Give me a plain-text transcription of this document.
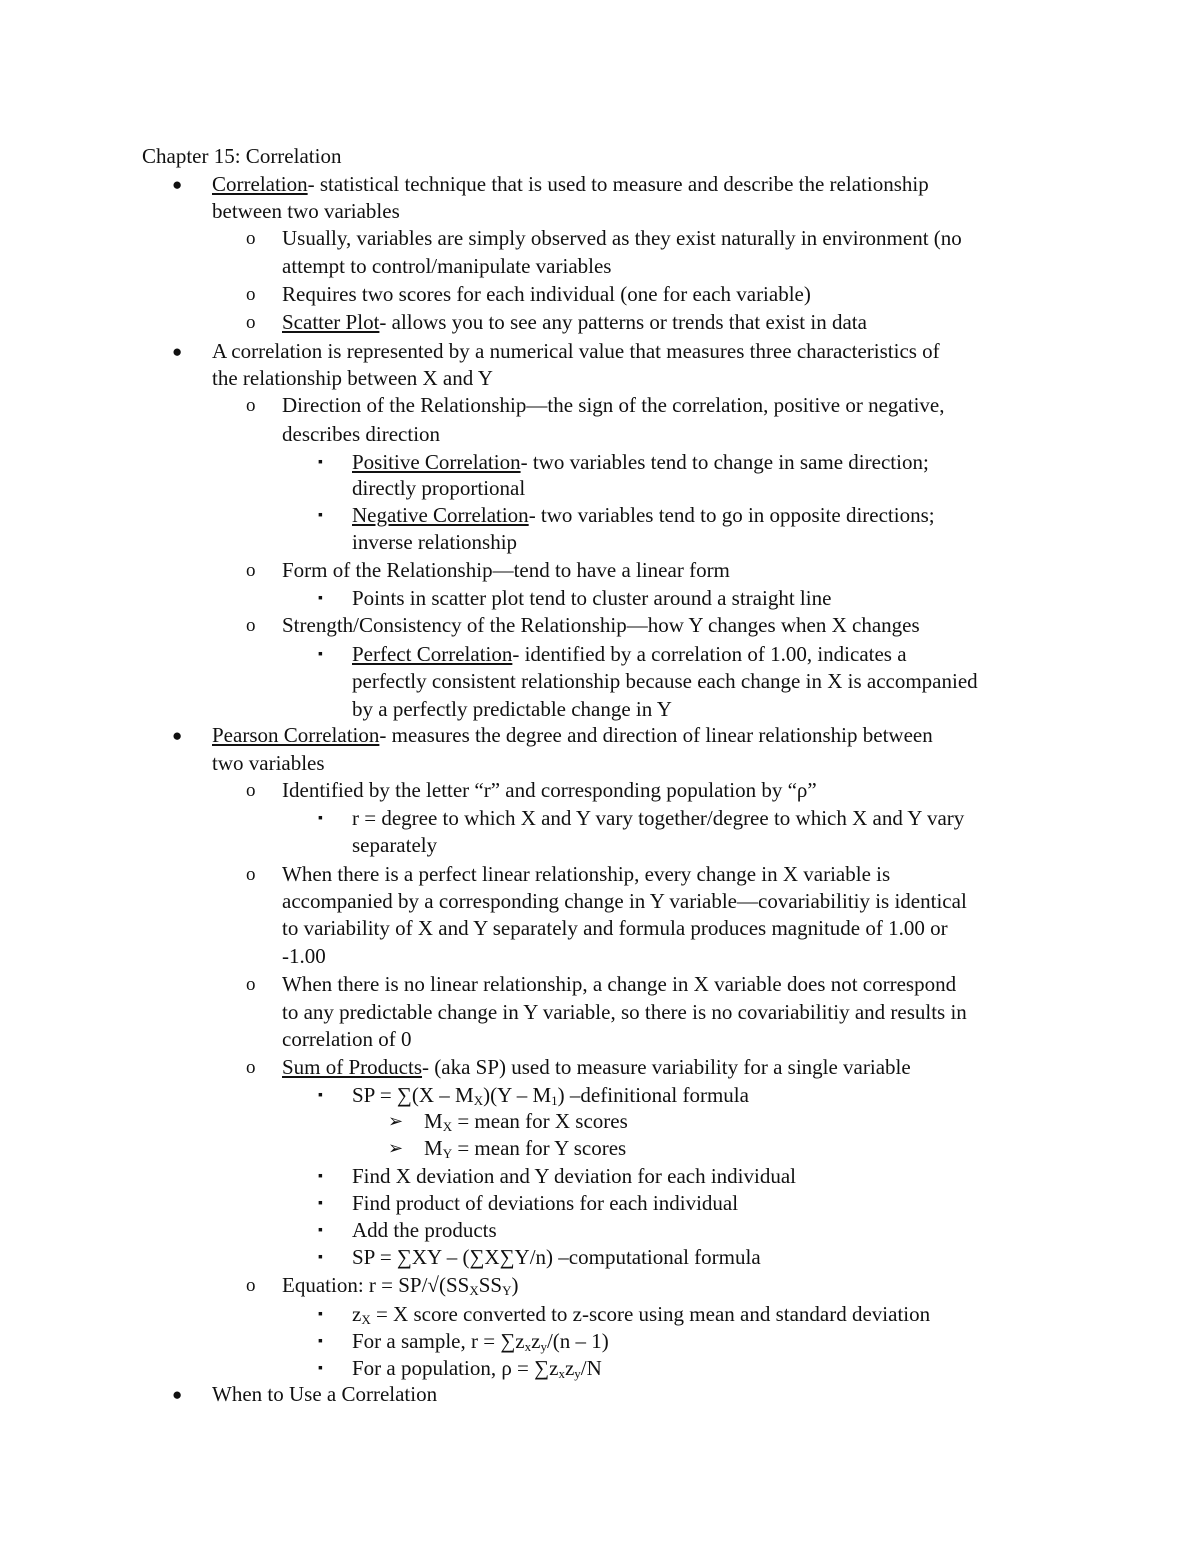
Chapter 15: Correlation
● Correlation- statistical technique that is used to measure and describe the relationship
between two variables
o Usually, variables are simply observed as they exist naturally in environment (no
attempt to control/manipulate variables
o Requires two scores for each individual (one for each variable)
o Scatter Plot- allows you to see any patterns or trends that exist in data
● A correlation is represented by a numerical value that measures three characteristics of
the relationship between X and Y
o Direction of the Relationship—the sign of the correlation, positive or negative,
describes direction
▪ Positive Correlation- two variables tend to change in same direction;
directly proportional
▪ Negative Correlation- two variables tend to go in opposite directions;
inverse relationship
o Form of the Relationship—tend to have a linear form
▪ Points in scatter plot tend to cluster around a straight line
o Strength/Consistency of the Relationship—how Y changes when X changes
▪ Perfect Correlation- identified by a correlation of 1.00, indicates a
perfectly consistent relationship because each change in X is accompanied
by a perfectly predictable change in Y
● Pearson Correlation- measures the degree and direction of linear relationship between
two variables
o Identified by the letter “r” and corresponding population by “ρ”
▪ r = degree to which X and Y vary together/degree to which X and Y vary
separately
o When there is a perfect linear relationship, every change in X variable is
accompanied by a corresponding change in Y variable—covariabilitiy is identical
to variability of X and Y separately and formula produces magnitude of 1.00 or
-1.00
o When there is no linear relationship, a change in X variable does not correspond
to any predictable change in Y variable, so there is no covariabilitiy and results in
correlation of 0
o Sum of Products- (aka SP) used to measure variability for a single variable
▪ SP = $\sum(X - M_X)(Y - M_1)$ –definitional formula
➢ $M_X$ = mean for X scores
➢ $M_Y$ = mean for Y scores
▪ Find X deviation and Y deviation for each individual
▪ Find product of deviations for each individual
▪ Add the products
▪ SP = ∑XY – (∑X∑Y/n) –computational formula
o Equation: $r = SP/√(SS_XSS_Y)$
▪ $z_X = X$ score converted to z-score using mean and standard deviation
▪ For a sample, $r = \sum z_xz_y/(n - 1)$
▪ For a population, $\rho = \sum z_xz_y/N$
● When to Use a Correlation
